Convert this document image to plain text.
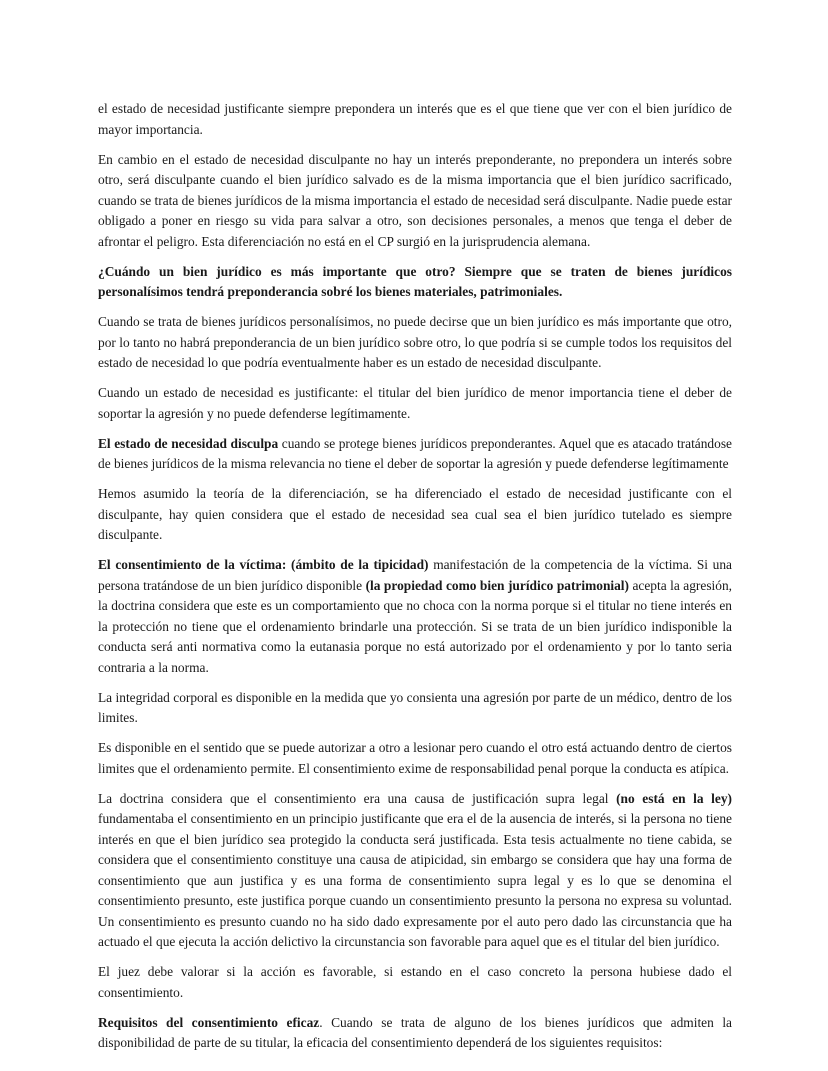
el estado de necesidad justificante siempre prepondera un interés que es el que tiene que ver con el bien jurídico de mayor importancia.

En cambio en el estado de necesidad disculpante no hay un interés preponderante, no prepondera un interés sobre otro, será disculpante cuando el bien jurídico salvado es de la misma importancia que el bien jurídico sacrificado, cuando se trata de bienes jurídicos de la misma importancia el estado de necesidad será disculpante. Nadie puede estar obligado a poner en riesgo su vida para salvar a otro, son decisiones personales, a menos que tenga el deber de afrontar el peligro. Esta diferenciación no está en el CP surgió en la jurisprudencia alemana.

¿Cuándo un bien jurídico es más importante que otro? Siempre que se traten de bienes jurídicos personalísimos tendrá preponderancia sobré los bienes materiales, patrimoniales.

Cuando se trata de bienes jurídicos personalísimos, no puede decirse que un bien jurídico es más importante que otro, por lo tanto no habrá preponderancia de un bien jurídico sobre otro, lo que podría si se cumple todos los requisitos del estado de necesidad lo que podría eventualmente haber es un estado de necesidad disculpante.

Cuando un estado de necesidad es justificante: el titular del bien jurídico de menor importancia tiene el deber de soportar la agresión y no puede defenderse legítimamente.

El estado de necesidad disculpa cuando se protege bienes jurídicos preponderantes. Aquel que es atacado tratándose de bienes jurídicos de la misma relevancia no tiene el deber de soportar la agresión y puede defenderse legítimamente

Hemos asumido la teoría de la diferenciación, se ha diferenciado el estado de necesidad justificante con el disculpante, hay quien considera que el estado de necesidad sea cual sea el bien jurídico tutelado es siempre disculpante.

El consentimiento de la víctima: (ámbito de la tipicidad) manifestación de la competencia de la víctima. Si una persona tratándose de un bien jurídico disponible (la propiedad como bien jurídico patrimonial) acepta la agresión, la doctrina considera que este es un comportamiento que no choca con la norma porque si el titular no tiene interés en la protección no tiene que el ordenamiento brindarle una protección. Si se trata de un bien jurídico indisponible la conducta será anti normativa como la eutanasia porque no está autorizado por el ordenamiento y por lo tanto seria contraria a la norma.

La integridad corporal es disponible en la medida que yo consienta una agresión por parte de un médico, dentro de los limites.

Es disponible en el sentido que se puede autorizar a otro a lesionar pero cuando el otro está actuando dentro de ciertos limites que el ordenamiento permite. El consentimiento exime de responsabilidad penal porque la conducta es atípica.

La doctrina considera que el consentimiento era una causa de justificación supra legal (no está en la ley) fundamentaba el consentimiento en un principio justificante que era el de la ausencia de interés, si la persona no tiene interés en que el bien jurídico sea protegido la conducta será justificada. Esta tesis actualmente no tiene cabida, se considera que el consentimiento constituye una causa de atipicidad, sin embargo se considera que hay una forma de consentimiento que aun justifica y es una forma de consentimiento supra legal y es lo que se denomina el consentimiento presunto, este justifica porque cuando un consentimiento presunto la persona no expresa su voluntad. Un consentimiento es presunto cuando no ha sido dado expresamente por el auto pero dado las circunstancia que ha actuado el que ejecuta la acción delictivo la circunstancia son favorable para aquel que es el titular del bien jurídico.

El juez debe valorar si la acción es favorable, si estando en el caso concreto la persona hubiese dado el consentimiento.

Requisitos del consentimiento eficaz. Cuando se trata de alguno de los bienes jurídicos que admiten la disponibilidad de parte de su titular, la eficacia del consentimiento dependerá de los siguientes requisitos:
